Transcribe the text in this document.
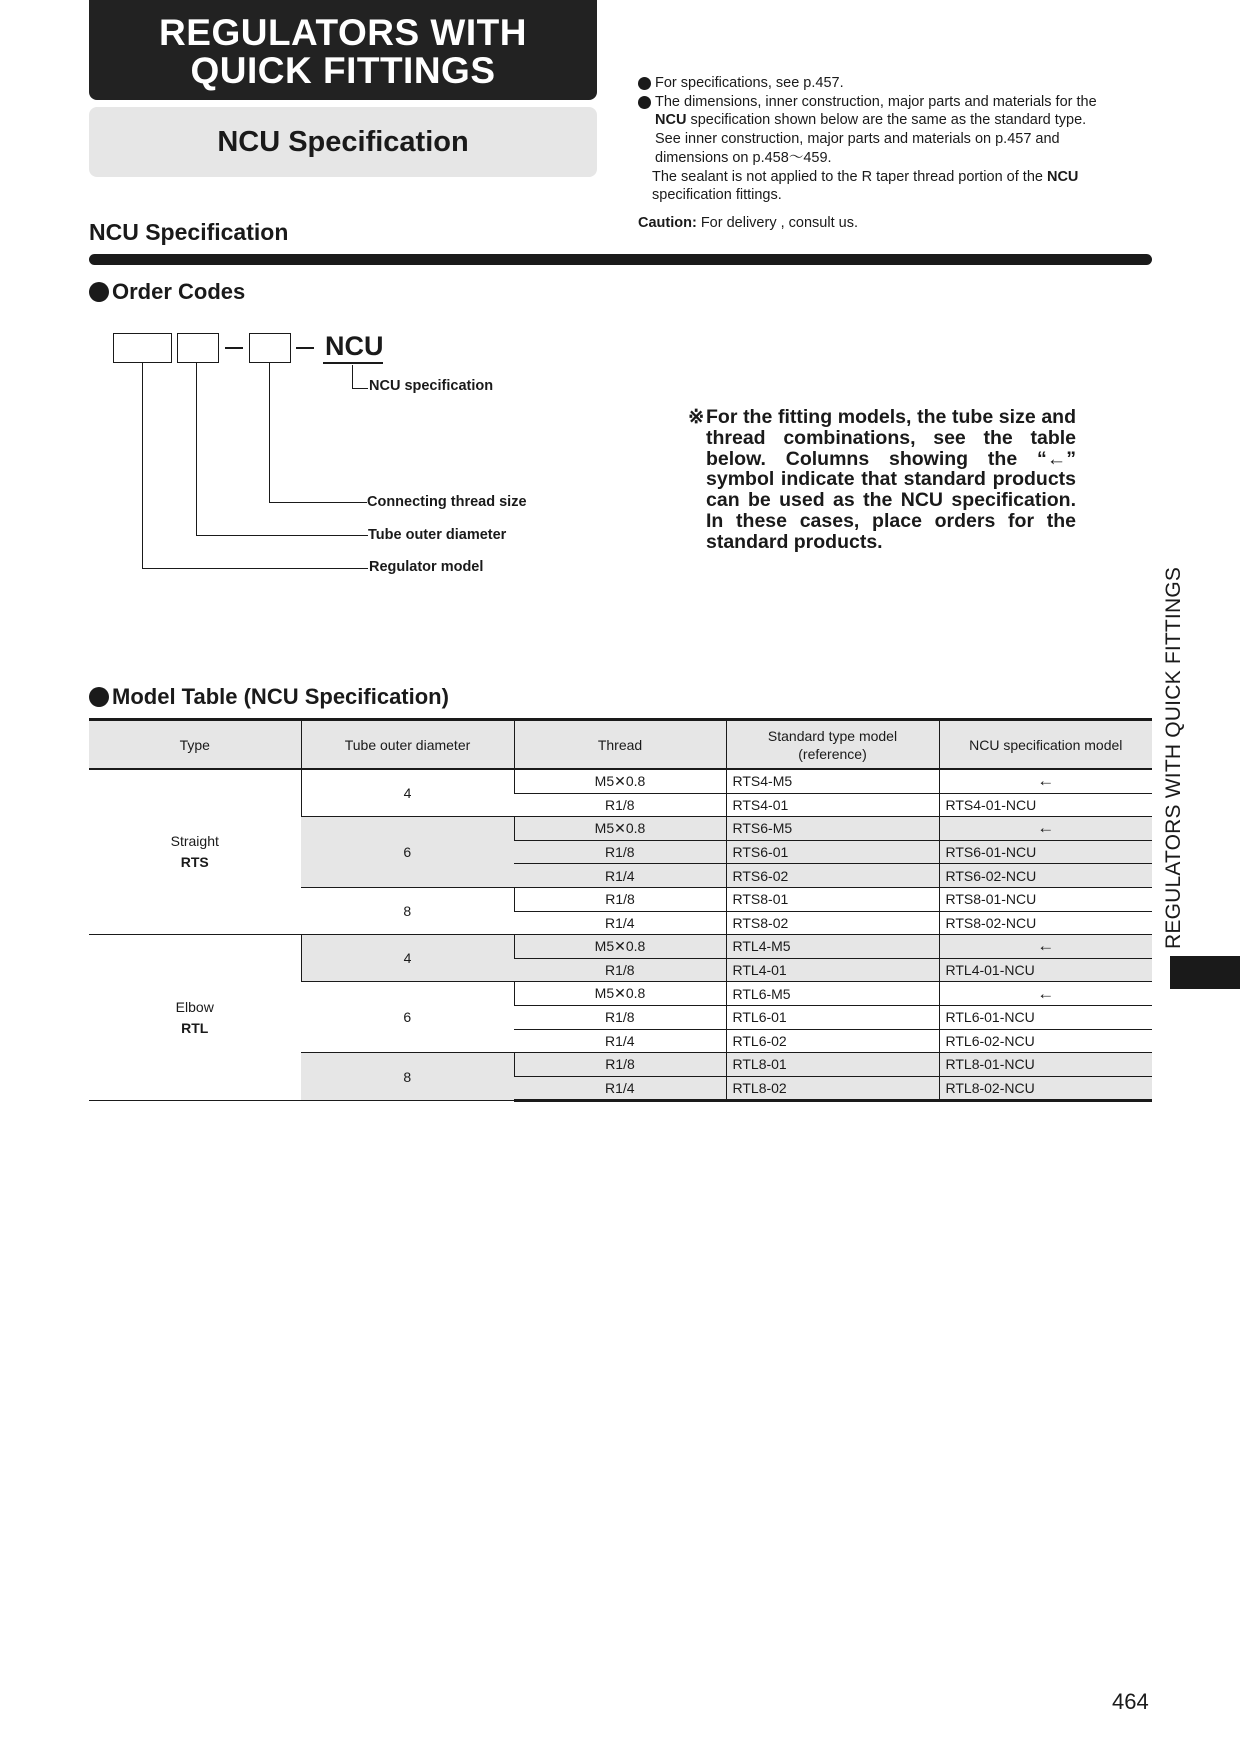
REGULATORS WITH
QUICK FITTINGS
NCU Specification
For specifications, see p.457.
The dimensions, inner construction, major parts and materials for the
NCU specification shown below are the same as the standard type.
See inner construction, major parts and materials on p.457 and
dimensions on p.458～459.
The sealant is not applied to the R taper thread portion of the NCU
specification fittings.
Caution: For delivery , consult us.
NCU Specification
Order Codes
NCU
NCU specification
Connecting thread size
Tube outer diameter
Regulator model
※ For the fitting models, the tube size and thread combinations, see the table below. Columns showing the “←” symbol indicate that standard products can be used as the NCU specification. In these cases, place orders for the standard products.
Model Table (NCU Specification)
Type	Tube outer diameter	Thread	Standard type model
(reference)	NCU specification model
Straight
RTS	4	M5✕0.8	RTS4-M5	←
		R1/8	RTS4-01	RTS4-01-NCU
	6	M5✕0.8	RTS6-M5	←
		R1/8	RTS6-01	RTS6-01-NCU
		R1/4	RTS6-02	RTS6-02-NCU
	8	R1/8	RTS8-01	RTS8-01-NCU
		R1/4	RTS8-02	RTS8-02-NCU
Elbow
RTL	4	M5✕0.8	RTL4-M5	←
		R1/8	RTL4-01	RTL4-01-NCU
	6	M5✕0.8	RTL6-M5	←
		R1/8	RTL6-01	RTL6-01-NCU
		R1/4	RTL6-02	RTL6-02-NCU
	8	R1/8	RTL8-01	RTL8-01-NCU
		R1/4	RTL8-02	RTL8-02-NCU
REGULATORS WITH QUICK FITTINGS
464
